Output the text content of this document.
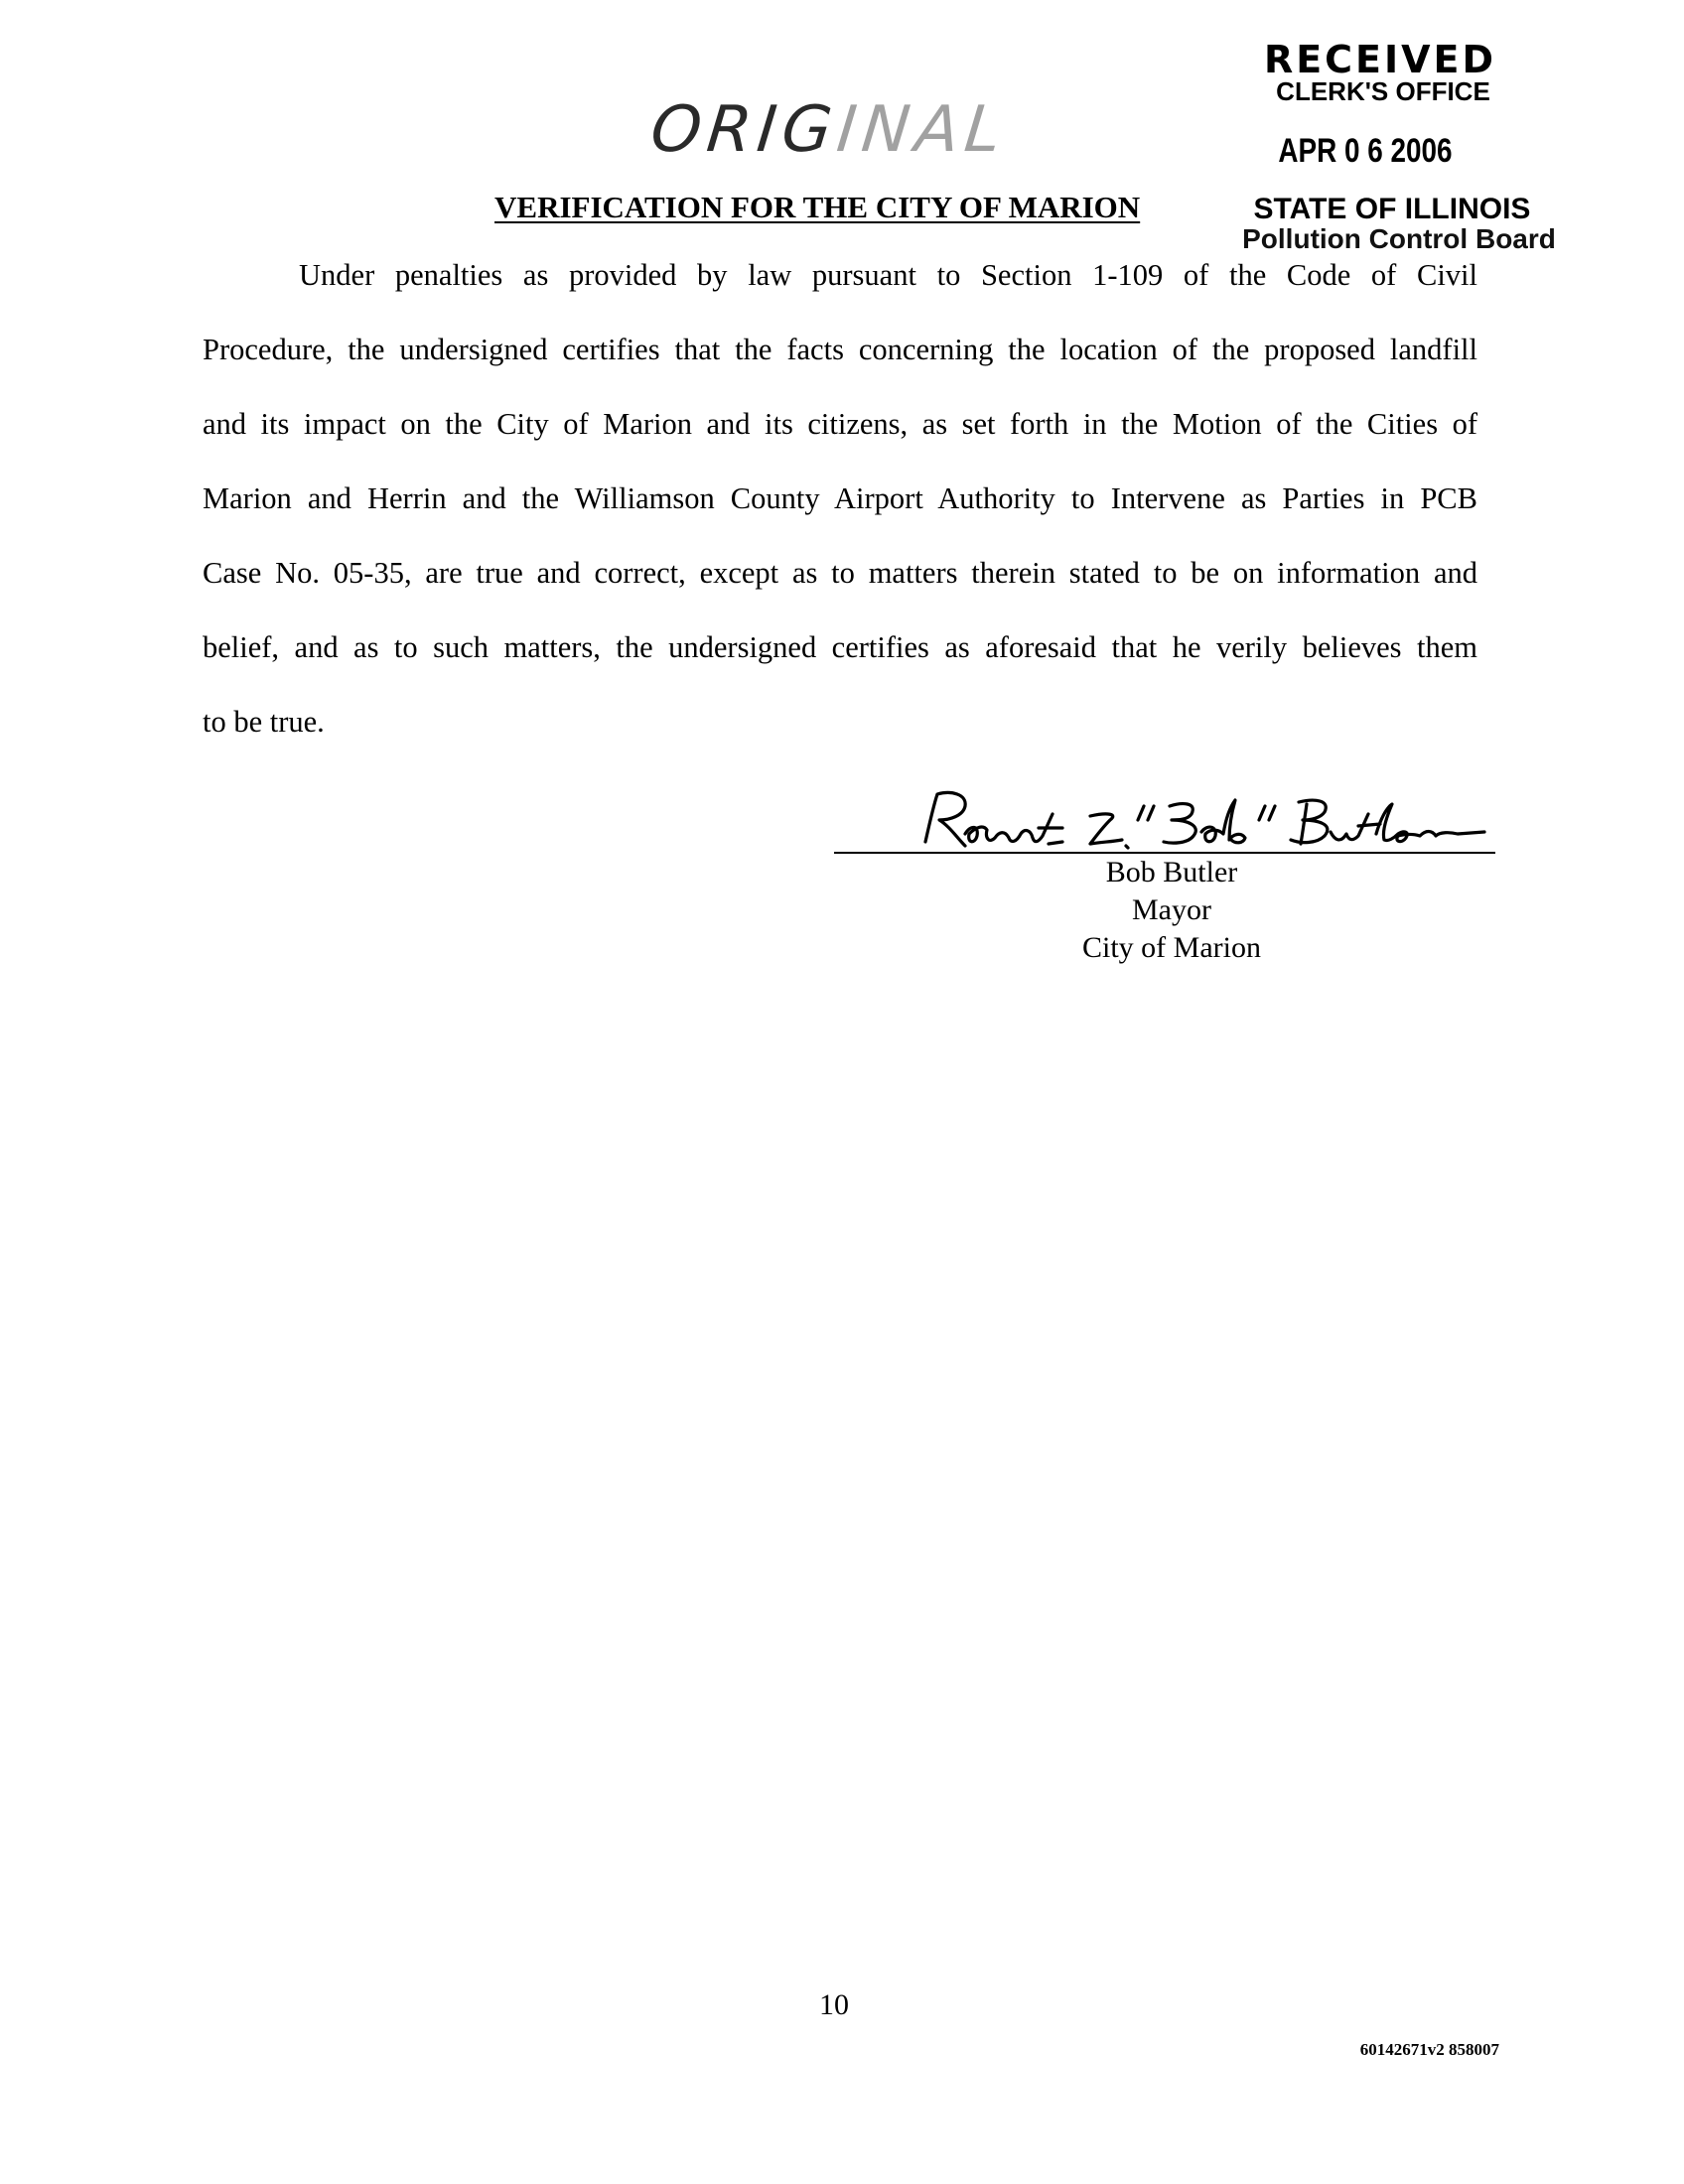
RECEIVED
CLERK'S OFFICE
APR 0 6 2006
STATE OF ILLINOIS
Pollution Control Board
ORIGINAL
VERIFICATION FOR THE CITY OF MARION
Under penalties as provided by law pursuant to Section 1-109 of the Code of Civil
Procedure, the undersigned certifies that the facts concerning the location of the proposed landfill
and its impact on the City of Marion and its citizens, as set forth in the Motion of the Cities of
Marion and Herrin and the Williamson County Airport Authority to Intervene as Parties in PCB
Case No. 05-35, are true and correct, except as to matters therein stated to be on information and
belief, and as to such matters, the undersigned certifies as aforesaid that he verily believes them
to be true.
Bob Butler
Mayor
City of Marion
10
60142671v2 858007
